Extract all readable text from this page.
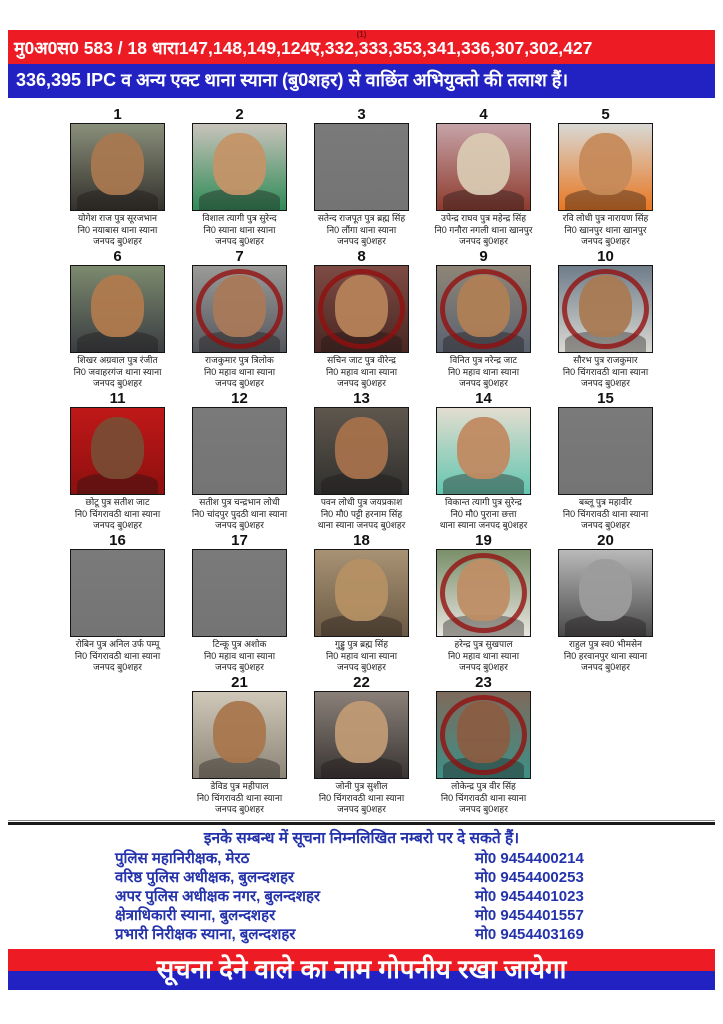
(1)
मु0अ0स0 583 / 18 धारा147,148,149,124ए,332,333,353,341,336,307,302,427
336,395 IPC व अन्य एक्ट थाना स्याना (बु0शहर) से वाछिंत अभियुक्तो की तलाश हैं।
1
योगेश राज पुत्र सूरजभान
नि0 नयाबास थाना स्याना
जनपद बु0शहर
2
विशाल त्यागी पुत्र सुरेन्द
नि0 स्याना थाना स्याना
जनपद बु0शहर
3
सतेन्द राजपूत पुत्र ब्रह्म सिंह
नि0 लौंगा थाना स्याना
जनपद बु0शहर
4
उपेन्द्र राघव पुत्र महेन्द्र सिंह
नि0 गनौरा नगली थाना खानपुर
जनपद बु0शहर
5
रवि लोधी पुत्र नारायण सिंह
नि0 खानपुर थाना खानपुर
जनपद बु0शहर
6
शिखर अग्रवाल पुत्र रंजीत
नि0 जवाहरगंज थाना स्याना
जनपद बु0शहर
7
राजकुमार पुत्र त्रिलोक
नि0 महाव थाना स्याना
जनपद बु0शहर
8
सचिन जाट पुत्र वीरेन्द्र
नि0 महाव थाना स्याना
जनपद बु0शहर
9
विनित पुत्र नरेन्द्र जाट
नि0 महाव थाना स्याना
जनपद बु0शहर
10
सौरभ पुत्र राजकुमार
नि0 चिंगरावठी थाना स्याना
जनपद बु0शहर
11
छोटू पुत्र सतीश जाट
नि0 चिंगरावठी थाना स्याना
जनपद बु0शहर
12
सतीश पुत्र चन्द्रभान लोधी
नि0 चांदपुर पुदठी थाना स्याना
जनपद बु0शहर
13
पवन लोधी पुत्र जयप्रकाश
नि0 मौ0 पट्टी हरनाम सिंह
थाना स्याना जनपद बु0शहर
14
विकान्त त्यागी पुत्र सुरेन्द्र
नि0 मौ0 पुराना छत्ता
थाना स्याना जनपद बु0शहर
15
बब्लू पुत्र महावीर
नि0 चिंगरावठी थाना स्याना
जनपद बु0शहर
16
रोबिन पुत्र अनिल उर्फ पम्पू
नि0 चिंगरावठी थाना स्याना
जनपद बु0शहर
17
टिन्कू पुत्र अशोक
नि0 महाव थाना स्याना
जनपद बु0शहर
18
गुड्डु पुत्र ब्रह्म सिंह
नि0 महाव थाना स्याना
जनपद बु0शहर
19
हरेन्द्र पुत्र सुखपाल
नि0 महाव थाना स्याना
जनपद बु0शहर
20
राहुल पुत्र स्व0 भीमसेन
नि0 हरवानपुर थाना स्याना
जनपद बु0शहर
21
डेविड पुत्र महीपाल
नि0 चिंगरावठी थाना स्याना
जनपद बु0शहर
22
जोनी पुत्र सुशील
नि0 चिंगरावठी थाना स्याना
जनपद बु0शहर
23
लोकेन्द्र पुत्र वीर सिंह
नि0 चिंगरावठी थाना स्याना
जनपद बु0शहर
इनके सम्बन्ध में सूचना निम्नलिखित नम्बरो पर दे सकते हैं।
पुलिस महानिरीक्षक, मेरठ	मो0 9454400214
वरिष्ठ पुलिस अधीक्षक, बुलन्दशहर	मो0 9454400253
अपर पुलिस अधीक्षक नगर, बुलन्दशहर	मो0 9454401023
क्षेत्राधिकारी स्याना, बुलन्दशहर	मो0 9454401557
प्रभारी निरीक्षक स्याना, बुलन्दशहर	मो0 9454403169
सूचना देने वाले का नाम गोपनीय रखा जायेगा
